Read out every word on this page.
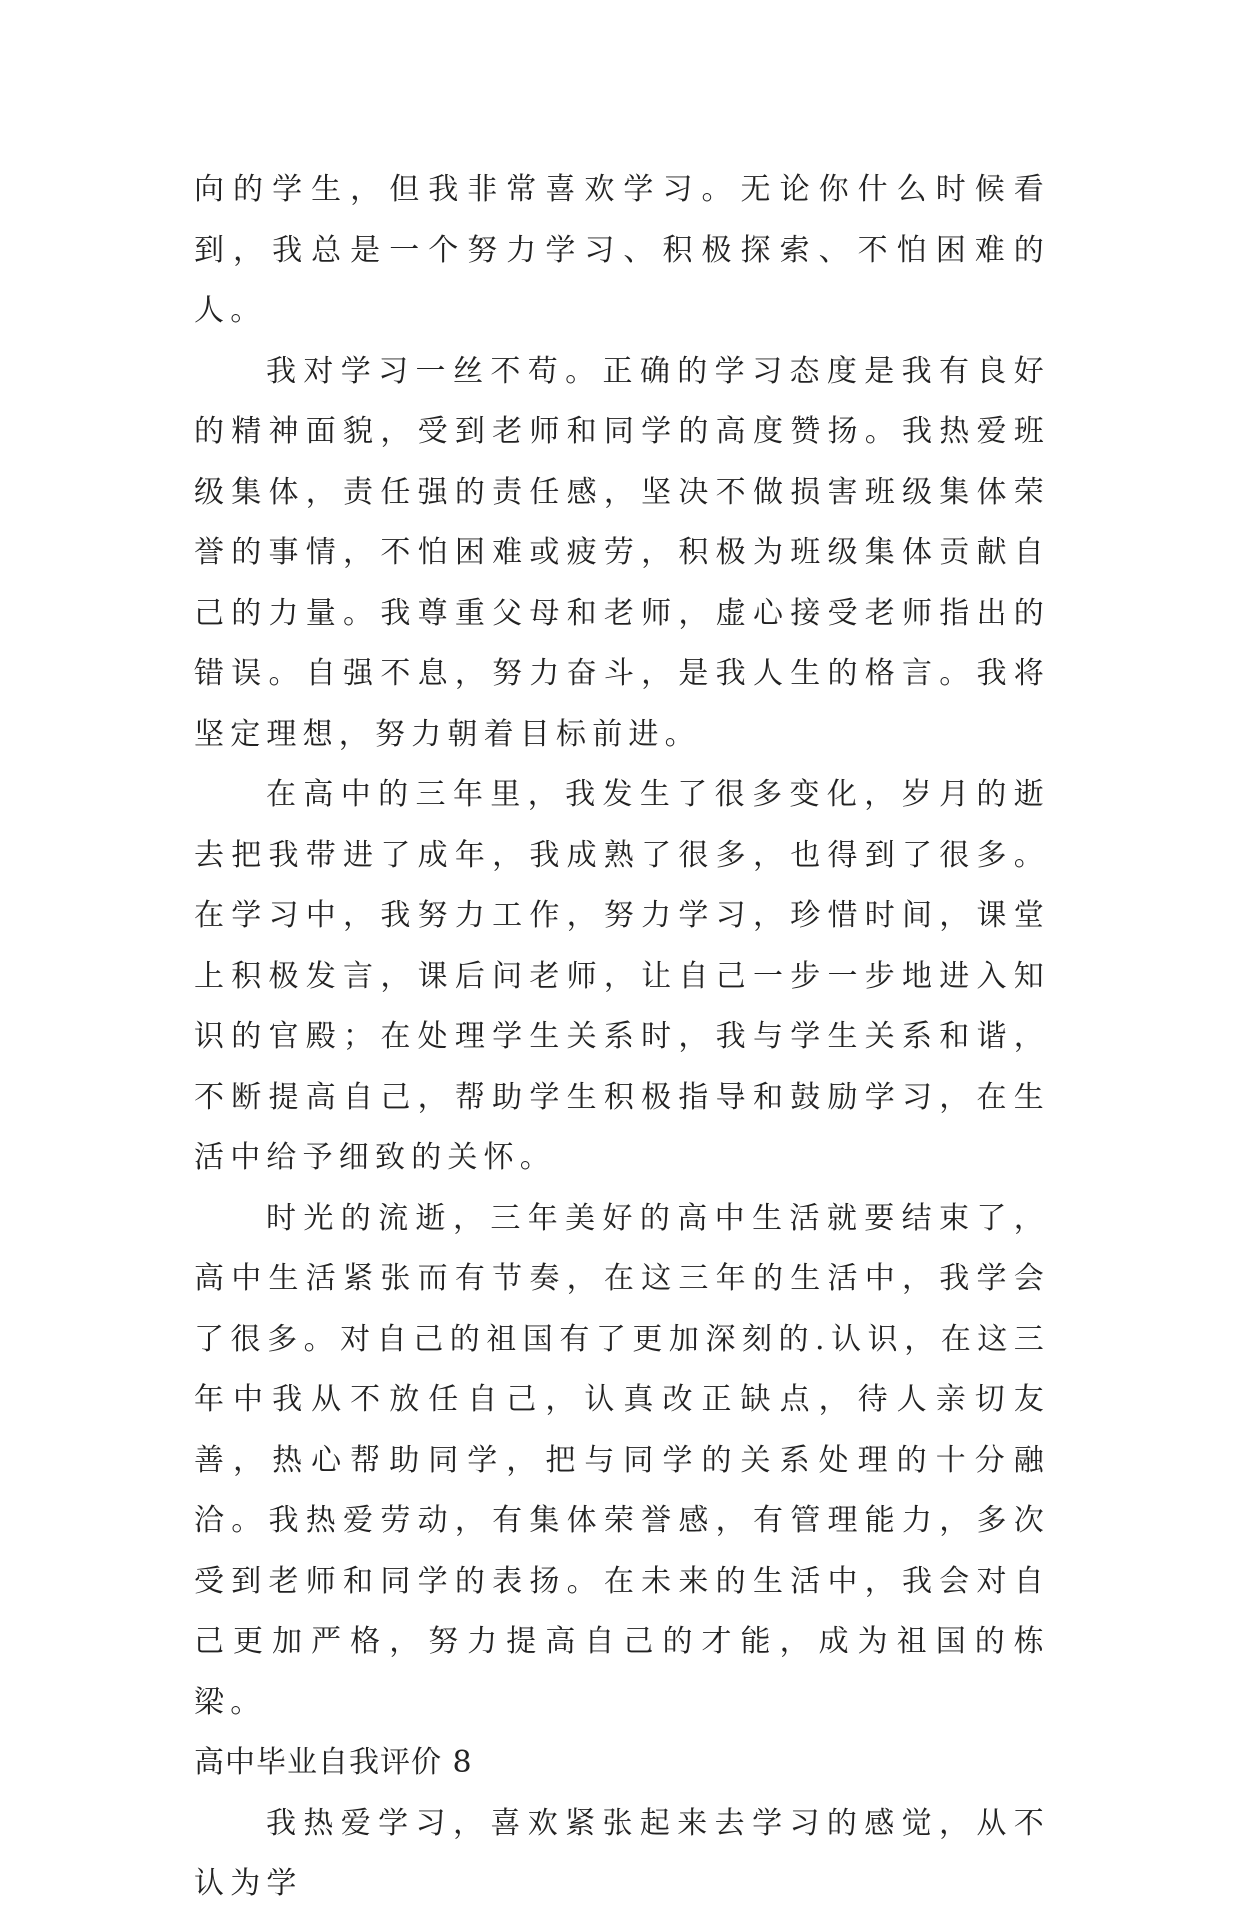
向的学生，但我非常喜欢学习。无论你什么时候看到，我总是一个努力学习、积极探索、不怕困难的人。

我对学习一丝不苟。正确的学习态度是我有良好的精神面貌，受到老师和同学的高度赞扬。我热爱班级集体，责任强的责任感，坚决不做损害班级集体荣誉的事情，不怕困难或疲劳，积极为班级集体贡献自己的力量。我尊重父母和老师，虚心接受老师指出的错误。自强不息，努力奋斗，是我人生的格言。我将坚定理想，努力朝着目标前进。

在高中的三年里，我发生了很多变化，岁月的逝去把我带进了成年，我成熟了很多，也得到了很多。在学习中，我努力工作，努力学习，珍惜时间，课堂上积极发言，课后问老师，让自己一步一步地进入知识的官殿；在处理学生关系时，我与学生关系和谐，不断提高自己，帮助学生积极指导和鼓励学习，在生活中给予细致的关怀。

时光的流逝，三年美好的高中生活就要结束了，高中生活紧张而有节奏，在这三年的生活中，我学会了很多。对自己的祖国有了更加深刻的.认识，在这三年中我从不放任自己，认真改正缺点，待人亲切友善，热心帮助同学，把与同学的关系处理的十分融洽。我热爱劳动，有集体荣誉感，有管理能力，多次受到老师和同学的表扬。在未来的生活中，我会对自己更加严格，努力提高自己的才能，成为祖国的栋梁。

高中毕业自我评价 8

我热爱学习，喜欢紧张起来去学习的感觉，从不认为学
